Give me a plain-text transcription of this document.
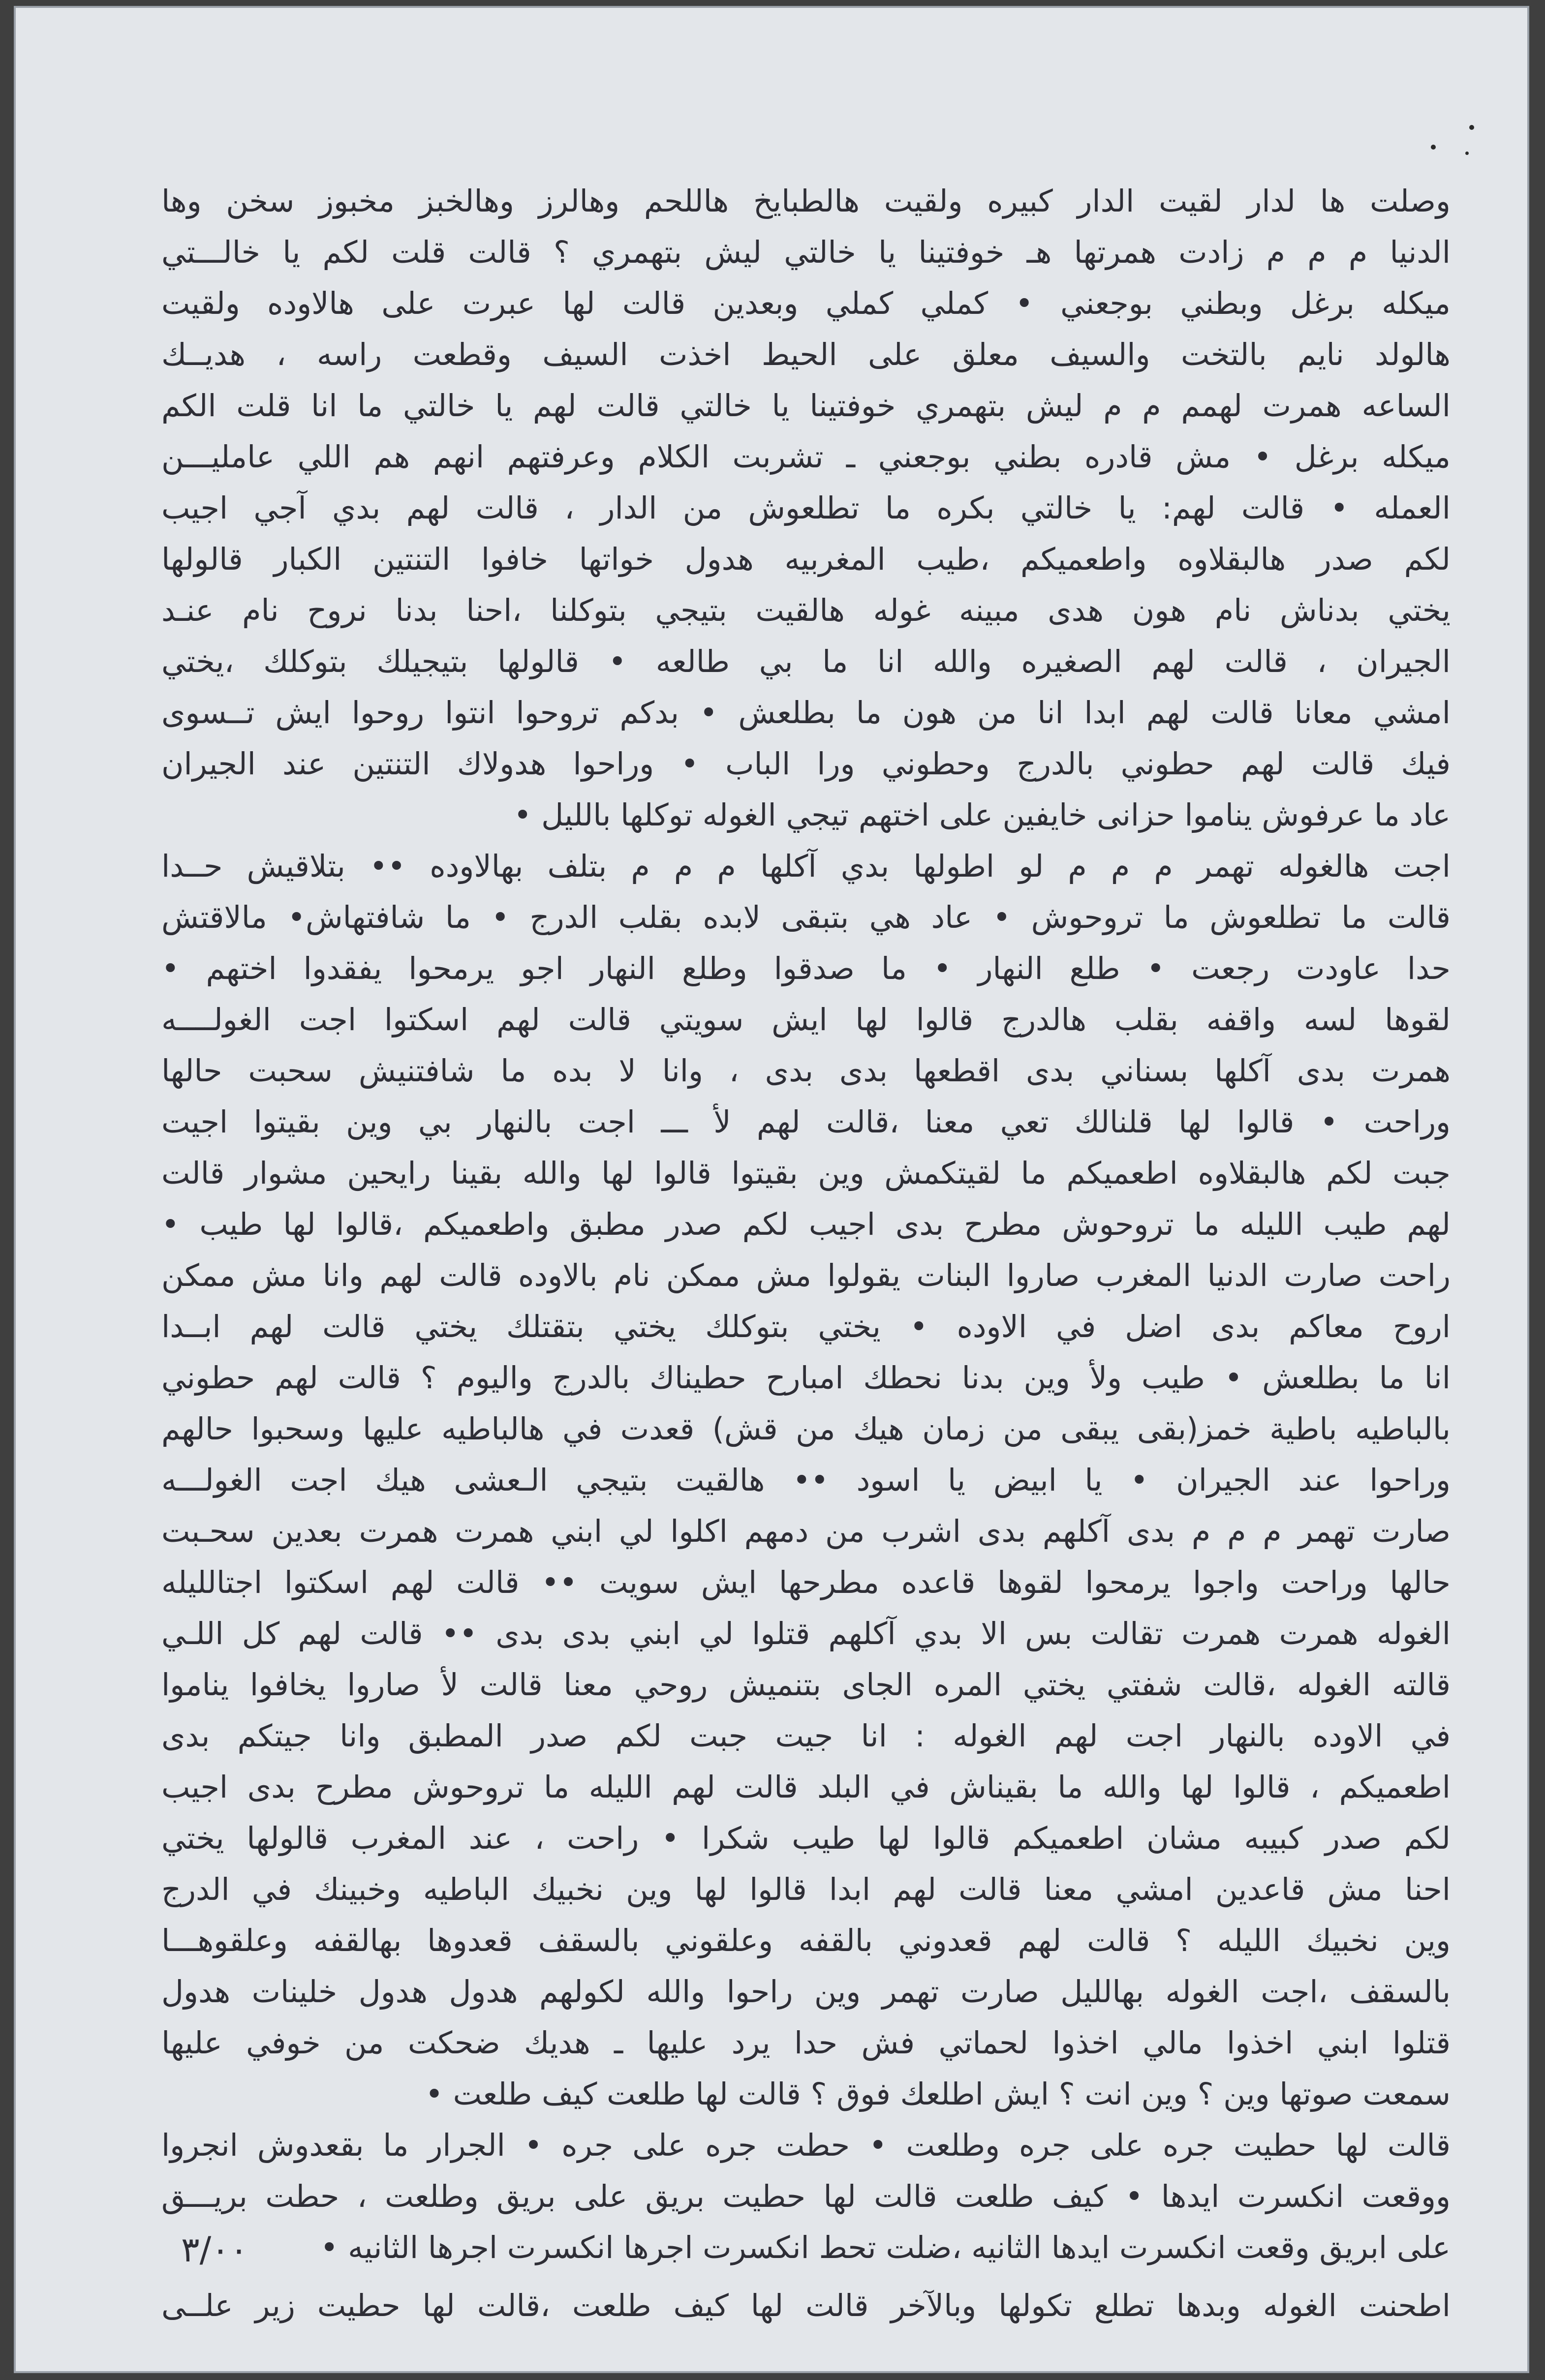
وصلت ها لدار لقيت الدار كبيره ولقيت هالطبايخ هاللحم وهالرز وهالخبز مخبوز سخن وها
الدنيا م م م زادت همرتها هـ خوفتينا يا خالتي ليش بتهمري ؟ قالت قلت لكم يا خالـــتي
ميكله برغل وبطني بوجعني • كملي كملي وبعدين قالت لها عبرت على هالاوده ولقيت
هالولد نايم بالتخت والسيف معلق على الحيط اخذت السيف وقطعت راسه ، هديــك
الساعه همرت لهمم م م ليش بتهمري خوفتينا يا خالتي قالت لهم يا خالتي ما انا قلت الكم
ميكله برغل • مش قادره بطني بوجعني ـ تشربت الكلام وعرفتهم انهم هم اللي عامليـــن
العمله • قالت لهم: يا خالتي بكره ما تطلعوش من الدار ، قالت لهم بدي آجي اجيب
لكم صدر هالبقلاوه واطعميكم ،طيب المغربيه هدول خواتها خافوا التنتين الكبار قالولها
يختي بدناش نام هون هدى مبينه غوله هالقيت بتيجي بتوكلنا ،احنا بدنا نروح نام عنـد
الجيران ، قالت لهم الصغيره والله انا ما بي طالعه • قالولها بتيجيلك بتوكلك ،يختي
امشي معانا قالت لهم ابدا انا من هون ما بطلعش • بدكم تروحوا انتوا روحوا ايش تــسوى
فيك قالت لهم حطوني بالدرج وحطوني ورا الباب • وراحوا هدولاك التنتين عند الجيران
عاد ما عرفوش يناموا حزانى خايفين على اختهم تيجي الغوله توكلها بالليل •
اجت هالغوله تهمر م م م لو اطولها بدي آكلها م م م بتلف بهالاوده •• بتلاقيش حــدا
قالت ما تطلعوش ما تروحوش • عاد هي بتبقى لابده بقلب الدرج • ما شافتهاش• مالاقتش
حدا عاودت رجعت • طلع النهار • ما صدقوا وطلع النهار اجو يرمحوا يفقدوا اختهم •
لقوها لسه واقفه بقلب هالدرج قالوا لها ايش سويتي قالت لهم اسكتوا اجت الغولــــه
همرت بدى آكلها بسناني بدى اقطعها بدى بدى ، وانا لا بده ما شافتنيش سحبت حالها
وراحت • قالوا لها قلنالك تعي معنا ،قالت لهم لأ ـــ اجت بالنهار بي وين بقيتوا اجيت
جبت لكم هالبقلاوه اطعميكم ما لقيتكمش وين بقيتوا قالوا لها والله بقينا رايحين مشوار قالت
لهم طيب الليله ما تروحوش مطرح بدى اجيب لكم صدر مطبق واطعميكم ،قالوا لها طيب •
راحت صارت الدنيا المغرب صاروا البنات يقولوا مش ممكن نام بالاوده قالت لهم وانا مش ممكن
اروح معاكم بدى اضل في الاوده • يختي بتوكلك يختي بتقتلك يختي قالت لهم ابــدا
انا ما بطلعش • طيب ولأ وين بدنا نحطك امبارح حطيناك بالدرج واليوم ؟ قالت لهم حطوني
بالباطيه باطية خمز(بقى يبقى من زمان هيك من قش) قعدت في هالباطيه عليها وسحبوا حالهم
وراحوا عند الجيران • يا ابيض يا اسود •• هالقيت بتيجي الـعشى هيك اجت الغولـــه
صارت تهمر م م م بدى آكلهم بدى اشرب من دمهم اكلوا لي ابني همرت همرت بعدين سحـبت
حالها وراحت واجوا يرمحوا لقوها قاعده مطرحها ايش سويت •• قالت لهم اسكتوا اجتالليله
الغوله همرت همرت تقالت بس الا بدي آكلهم قتلوا لي ابني بدى بدى •• قالت لهم كل اللـي
قالته الغوله ،قالت شفتي يختي المره الجاى بتنميش روحي معنا قالت لأ صاروا يخافوا يناموا
في الاوده بالنهار اجت لهم الغوله : انا جيت جبت لكم صدر المطبق وانا جيتكم بدى
اطعميكم ، قالوا لها والله ما بقيناش في البلد قالت لهم الليله ما تروحوش مطرح بدى اجيب
لكم صدر كبيبه مشان اطعميكم قالوا لها طيب شكرا • راحت ، عند المغرب قالولها يختي
احنا مش قاعدين امشي معنا قالت لهم ابدا قالوا لها وين نخبيك الباطيه وخبينك في الدرج
وين نخبيك الليله ؟ قالت لهم قعدوني بالقفه وعلقوني بالسقف قعدوها بهالقفه وعلقوهـــا
بالسقف ،اجت الغوله بهالليل صارت تهمر وين راحوا والله لكولهم هدول هدول خلينات هدول
قتلوا ابني اخذوا مالي اخذوا لحماتي فش حدا يرد عليها ـ هديك ضحكت من خوفي عليها
سمعت صوتها وين ؟ وين انت ؟ ايش اطلعك فوق ؟ قالت لها طلعت كيف طلعت •
قالت لها حطيت جره على جره وطلعت • حطت جره على جره • الجرار ما بقعدوش انجروا
ووقعت انكسرت ايدها • كيف طلعت قالت لها حطيت بريق على بريق وطلعت ، حطت بريـــق
على ابريق وقعت انكسرت ايدها الثانيه ،ضلت تحط انكسرت اجرها انكسرت اجرها الثانيه •
اطحنت الغوله وبدها تطلع تكولها وبالآخر قالت لها كيف طلعت ،قالت لها حطيت زير علــى
٣/٠٠
